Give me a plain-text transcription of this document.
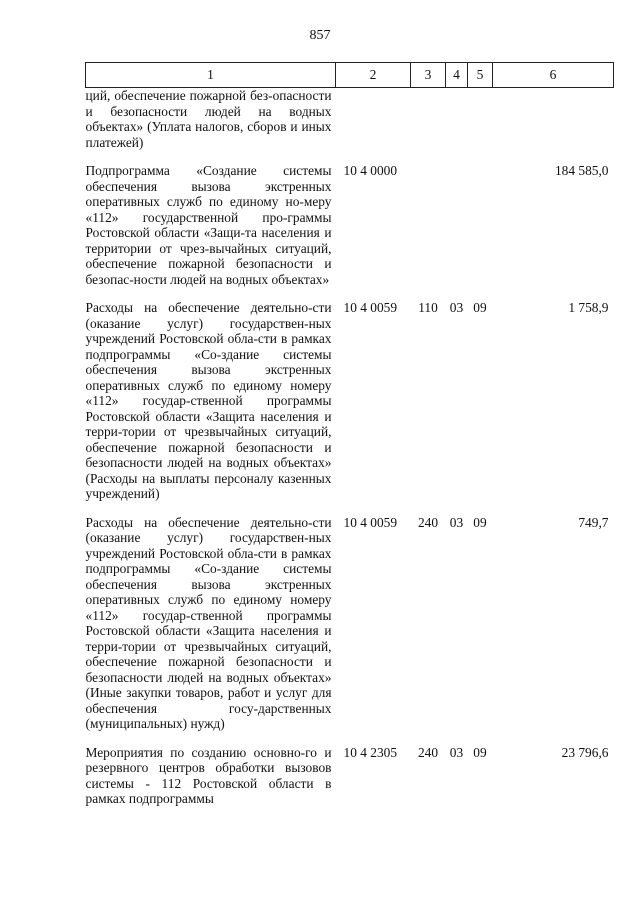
857
1	2	3	4	5	6
ций, обеспечение пожарной без-опасности и безопасности людей на водных объектах» (Уплата налогов, сборов и иных платежей)					

Подпрограмма «Создание системы обеспечения вызова экстренных оперативных служб по единому но-меру «112» государственной про-граммы Ростовской области «Защи-та населения и территории от чрез-вычайных ситуаций, обеспечение пожарной безопасности и безопас-ности людей на водных объектах»	10 4 0000				184 585,0

Расходы на обеспечение деятельно-сти (оказание услуг) государствен-ных учреждений Ростовской обла-сти в рамках подпрограммы «Со-здание системы обеспечения вызова экстренных оперативных служб по единому номеру «112» государ-ственной программы Ростовской области «Защита населения и терри-тории от чрезвычайных ситуаций, обеспечение пожарной безопасности и безопасности людей на водных объектах» (Расходы на выплаты персоналу казенных учреждений)	10 4 0059	110	03	09	1 758,9

Расходы на обеспечение деятельно-сти (оказание услуг) государствен-ных учреждений Ростовской обла-сти в рамках подпрограммы «Со-здание системы обеспечения вызова экстренных оперативных служб по единому номеру «112» государ-ственной программы Ростовской области «Защита населения и терри-тории от чрезвычайных ситуаций, обеспечение пожарной безопасности и безопасности людей на водных объектах» (Иные закупки товаров, работ и услуг для обеспечения госу-дарственных (муниципальных) нужд)	10 4 0059	240	03	09	749,7

Мероприятия по созданию основно-го и резервного центров обработки вызовов системы - 112 Ростовской области в рамках подпрограммы	10 4 2305	240	03	09	23 796,6
